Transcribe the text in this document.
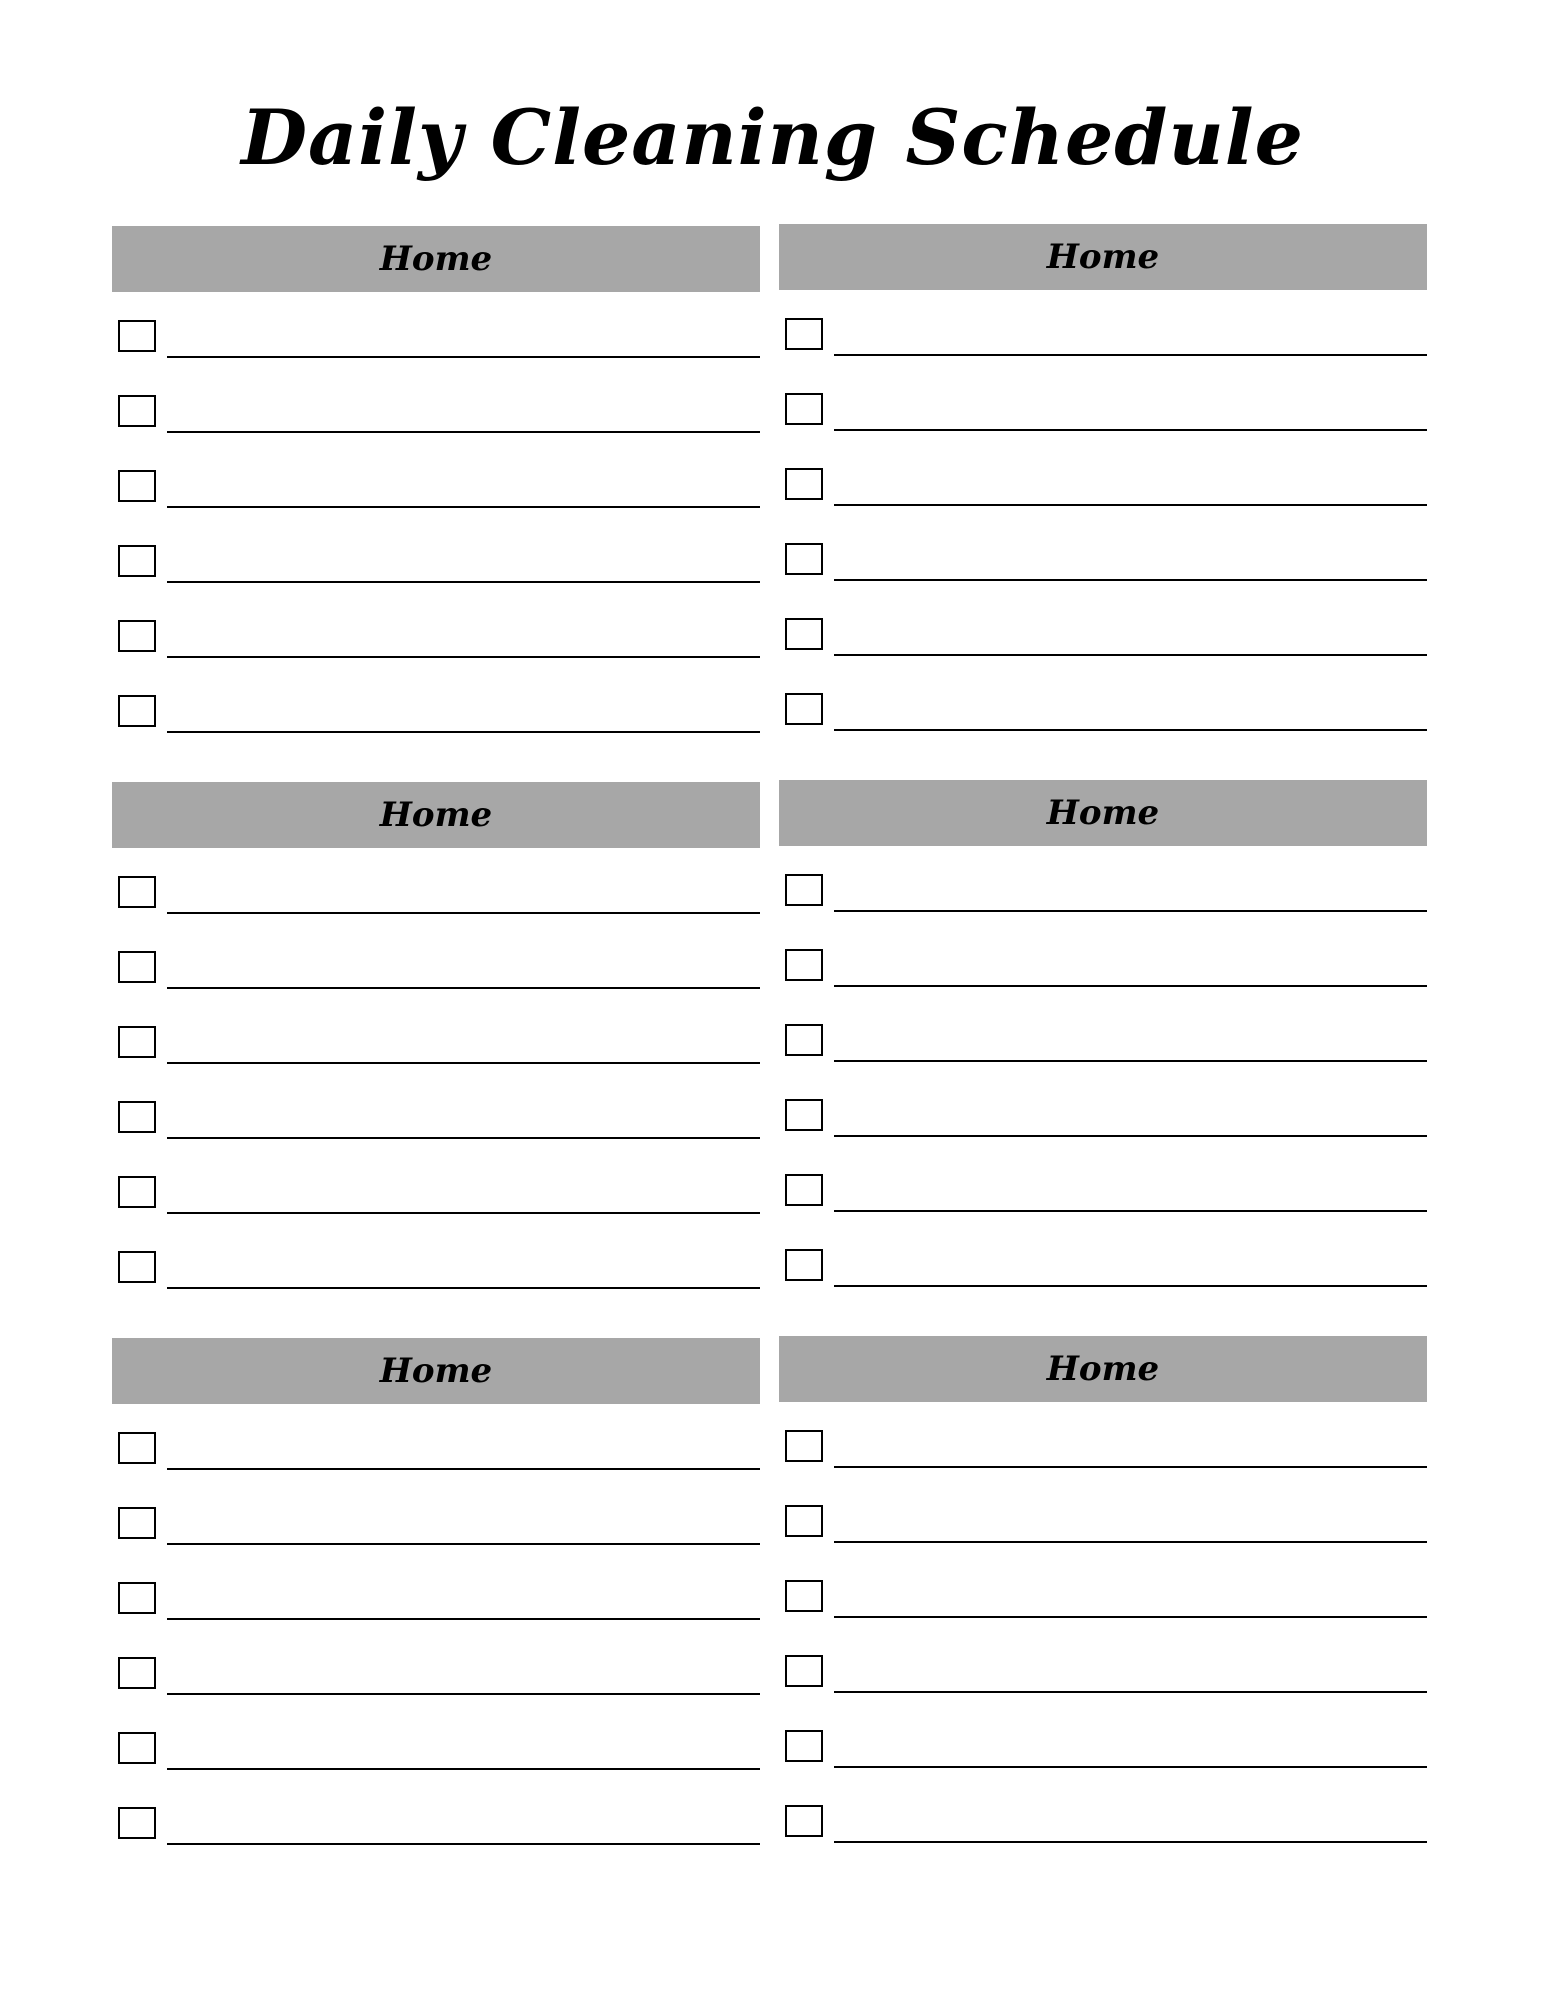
Daily Cleaning Schedule
Home	Home
Home	Home
Home	Home
